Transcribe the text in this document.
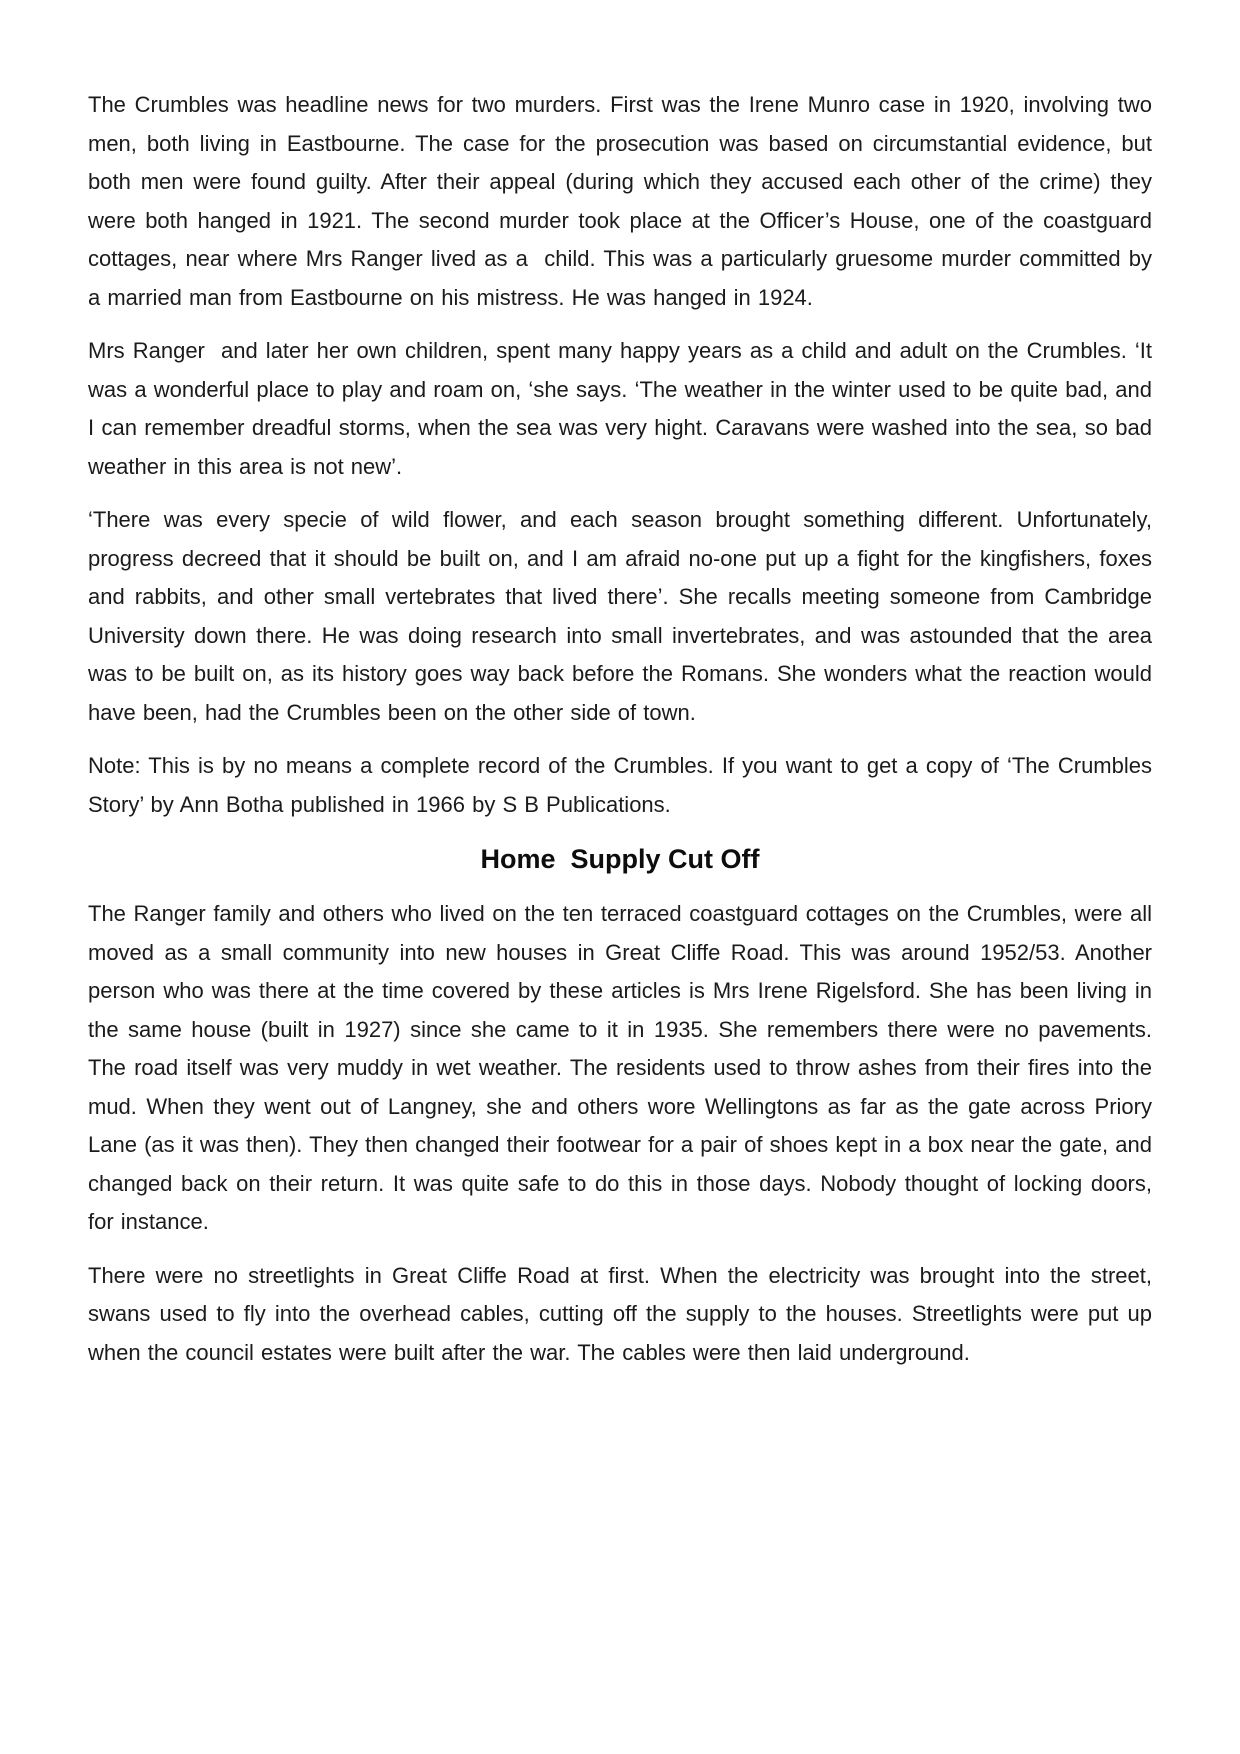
The Crumbles was headline news for two murders. First was the Irene Munro case in 1920, involving two men, both living in Eastbourne. The case for the prosecution was based on circumstantial evidence, but both men were found guilty. After their appeal (during which they accused each other of the crime) they were both hanged in 1921. The second murder took place at the Officer’s House, one of the coastguard cottages, near where Mrs Ranger lived as a  child. This was a particularly gruesome murder committed by a married man from Eastbourne on his mistress. He was hanged in 1924.

Mrs Ranger  and later her own children, spent many happy years as a child and adult on the Crumbles. ‘It was a wonderful place to play and roam on, ‘she says. ‘The weather in the winter used to be quite bad, and I can remember dreadful storms, when the sea was very hight. Caravans were washed into the sea, so bad weather in this area is not new’.

‘There was every specie of wild flower, and each season brought something different. Unfortunately, progress decreed that it should be built on, and I am afraid no-one put up a fight for the kingfishers, foxes and rabbits, and other small vertebrates that lived there’. She recalls meeting someone from Cambridge University down there. He was doing research into small invertebrates, and was astounded that the area was to be built on, as its history goes way back before the Romans. She wonders what the reaction would have been, had the Crumbles been on the other side of town.

Note: This is by no means a complete record of the Crumbles. If you want to get a copy of ‘The Crumbles Story’ by Ann Botha published in 1966 by S B Publications.

Home  Supply Cut Off

The Ranger family and others who lived on the ten terraced coastguard cottages on the Crumbles, were all moved as a small community into new houses in Great Cliffe Road. This was around 1952/53. Another person who was there at the time covered by these articles is Mrs Irene Rigelsford. She has been living in the same house (built in 1927) since she came to it in 1935. She remembers there were no pavements. The road itself was very muddy in wet weather. The residents used to throw ashes from their fires into the mud. When they went out of Langney, she and others wore Wellingtons as far as the gate across Priory Lane (as it was then). They then changed their footwear for a pair of shoes kept in a box near the gate, and changed back on their return. It was quite safe to do this in those days. Nobody thought of locking doors, for instance.

There were no streetlights in Great Cliffe Road at first. When the electricity was brought into the street, swans used to fly into the overhead cables, cutting off the supply to the houses. Streetlights were put up when the council estates were built after the war. The cables were then laid underground.
